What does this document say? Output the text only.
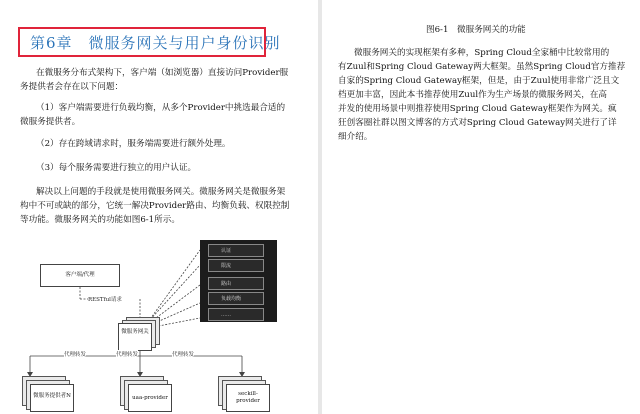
第6章　微服务网关与用户身份识别

在微服务分布式架构下，客户端（如浏览器）直接访问Provider服

务提供者会存在以下问题：

（1）客户端需要进行负载均衡，从多个Provider中挑选最合适的

微服务提供者。

（2）存在跨域请求时，服务端需要进行额外处理。

（3）每个服务需要进行独立的用户认证。

解决以上问题的手段就是使用微服务网关。微服务网关是微服务架

构中不可或缺的部分，它统一解决Provider路由、均衡负载、权限控制

等功能。微服务网关的功能如图6-1所示。

客户端/代理
RESTful请求
微服务网关
认证
限流
路由
负载均衡
……
代理转发	代理转发	代理转发
微服务提供者N	uaa-provider
seckill-provider
图6-1　微服务网关的功能

微服务网关的实现框架有多种，Spring Cloud全家桶中比较常用的

有Zuul和Spring Cloud Gateway两大框架。虽然Spring Cloud官方推荐

自家的Spring Cloud Gateway框架，但是，由于Zuul使用非常广泛且文

档更加丰富，因此本书推荐使用Zuul作为生产场景的微服务网关，在高

并发的使用场景中则推荐使用Spring Cloud Gateway框架作为网关。疯

狂创客圈社群以图文博客的方式对Spring Cloud Gateway网关进行了详

细介绍。
